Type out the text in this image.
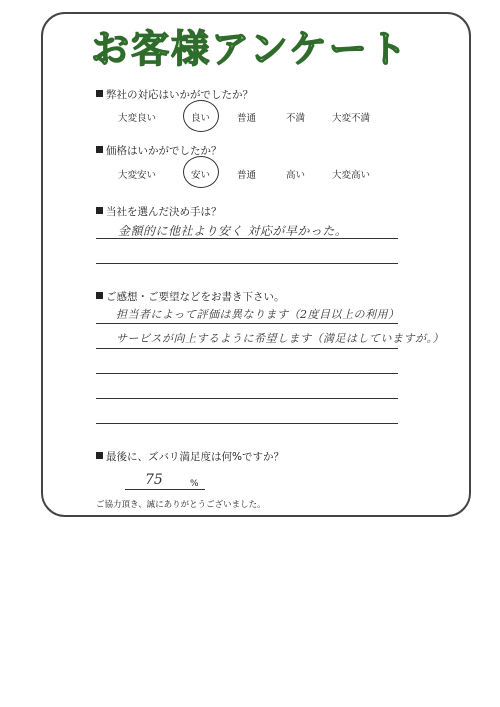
お客様アンケート
弊社の対応はいかがでしたか？
大変良い	良い	普通	不満	大変不満
価格はいかがでしたか？
大変安い	安い	普通	高い	大変高い
当社を選んだ決め手は？
金額的に他社より安く 対応が早かった。
ご感想・ご要望などをお書き下さい。
担当者によって評価は異なります（2度目以上の利用）
サービスが向上するように希望します（満足はしていますが。）
最後に、ズバリ満足度は何%ですか？
75	%
ご協力頂き、誠にありがとうございました。
